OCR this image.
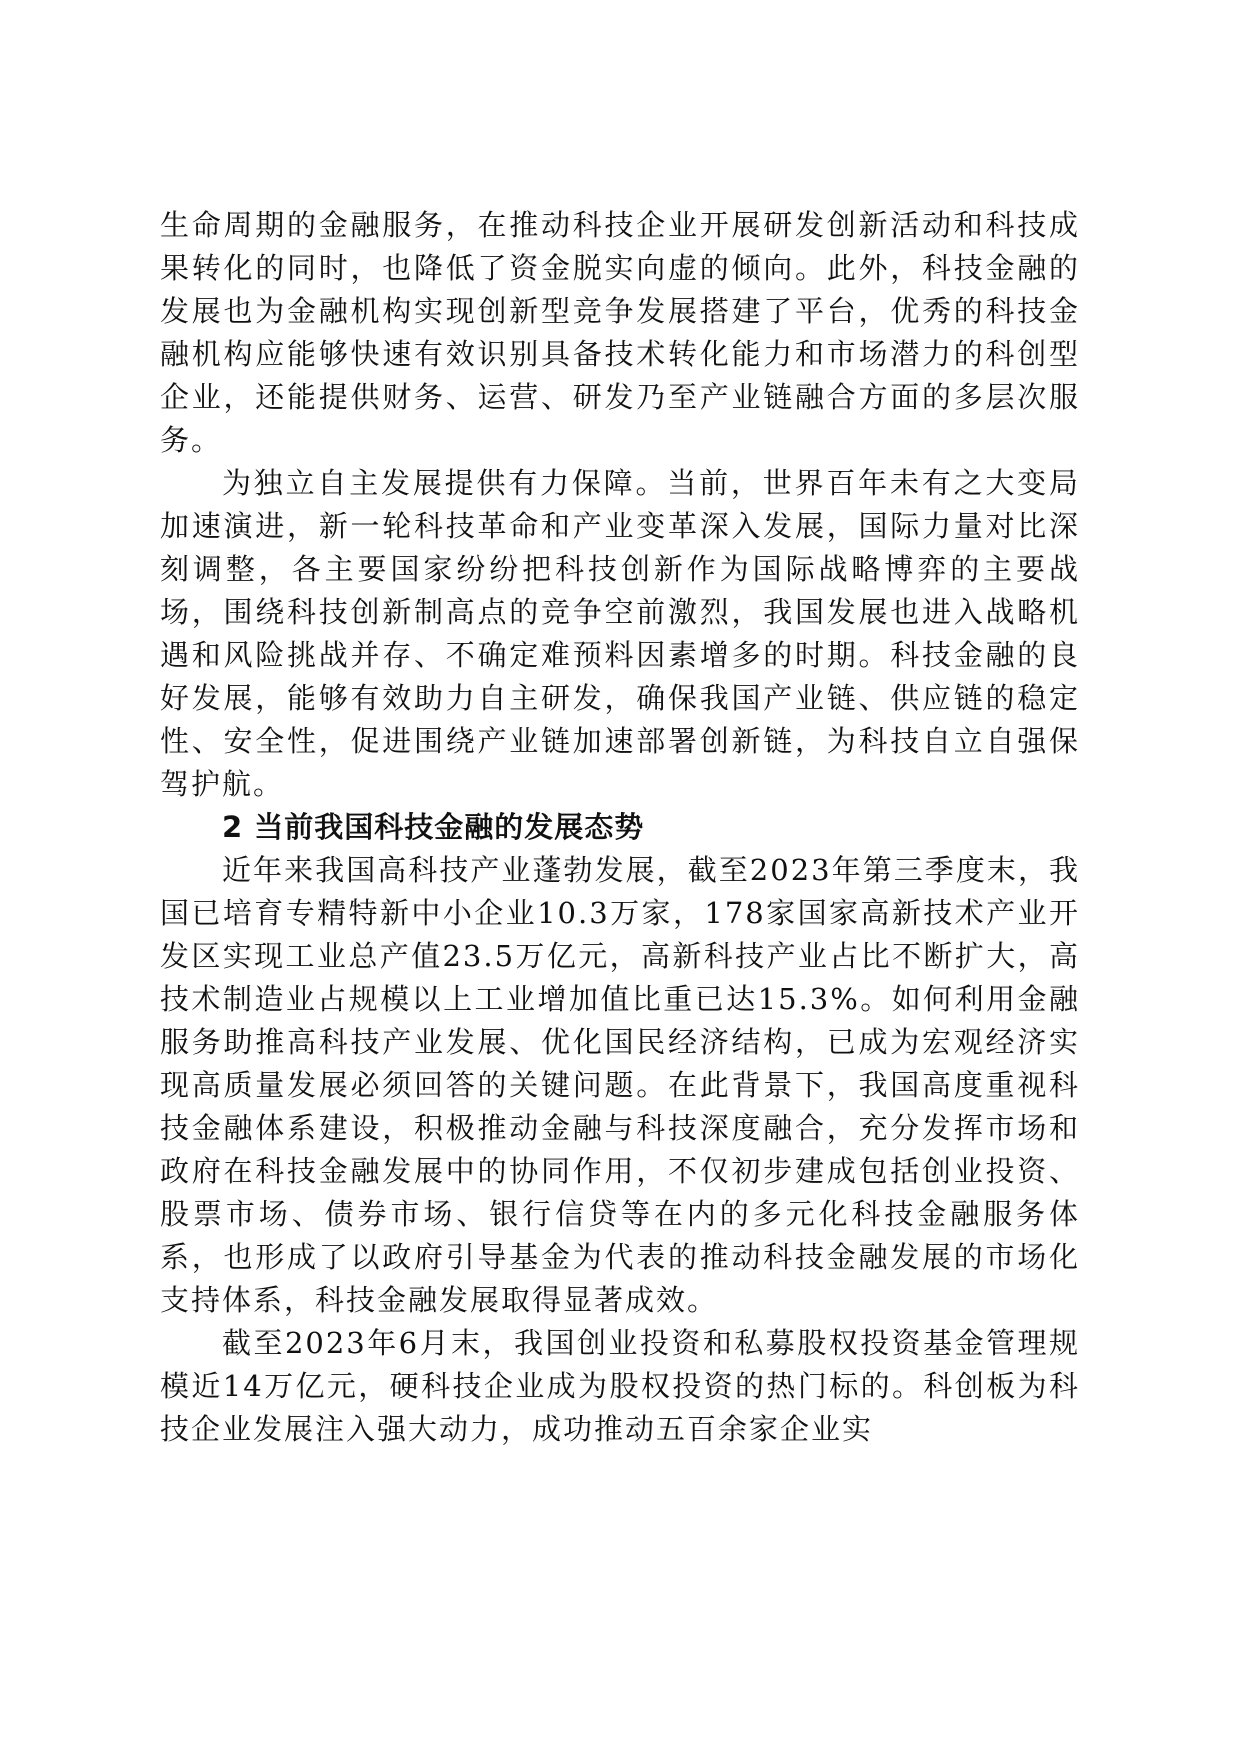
生命周期的金融服务，在推动科技企业开展研发创新活动和科技成果转化的同时，也降低了资金脱实向虚的倾向。此外，科技金融的发展也为金融机构实现创新型竞争发展搭建了平台，优秀的科技金融机构应能够快速有效识别具备技术转化能力和市场潜力的科创型企业，还能提供财务、运营、研发乃至产业链融合方面的多层次服务。

为独立自主发展提供有力保障。当前，世界百年未有之大变局加速演进，新一轮科技革命和产业变革深入发展，国际力量对比深刻调整，各主要国家纷纷把科技创新作为国际战略博弈的主要战场，围绕科技创新制高点的竞争空前激烈，我国发展也进入战略机遇和风险挑战并存、不确定难预料因素增多的时期。科技金融的良好发展，能够有效助力自主研发，确保我国产业链、供应链的稳定性、安全性，促进围绕产业链加速部署创新链，为科技自立自强保驾护航。

2 当前我国科技金融的发展态势

近年来我国高科技产业蓬勃发展，截至2023年第三季度末，我国已培育专精特新中小企业10.3万家，178家国家高新技术产业开发区实现工业总产值23.5万亿元，高新科技产业占比不断扩大，高技术制造业占规模以上工业增加值比重已达15.3%。如何利用金融服务助推高科技产业发展、优化国民经济结构，已成为宏观经济实现高质量发展必须回答的关键问题。在此背景下，我国高度重视科技金融体系建设，积极推动金融与科技深度融合，充分发挥市场和政府在科技金融发展中的协同作用，不仅初步建成包括创业投资、股票市场、债券市场、银行信贷等在内的多元化科技金融服务体系，也形成了以政府引导基金为代表的推动科技金融发展的市场化支持体系，科技金融发展取得显著成效。

截至2023年6月末，我国创业投资和私募股权投资基金管理规模近14万亿元，硬科技企业成为股权投资的热门标的。科创板为科技企业发展注入强大动力，成功推动五百余家企业实
